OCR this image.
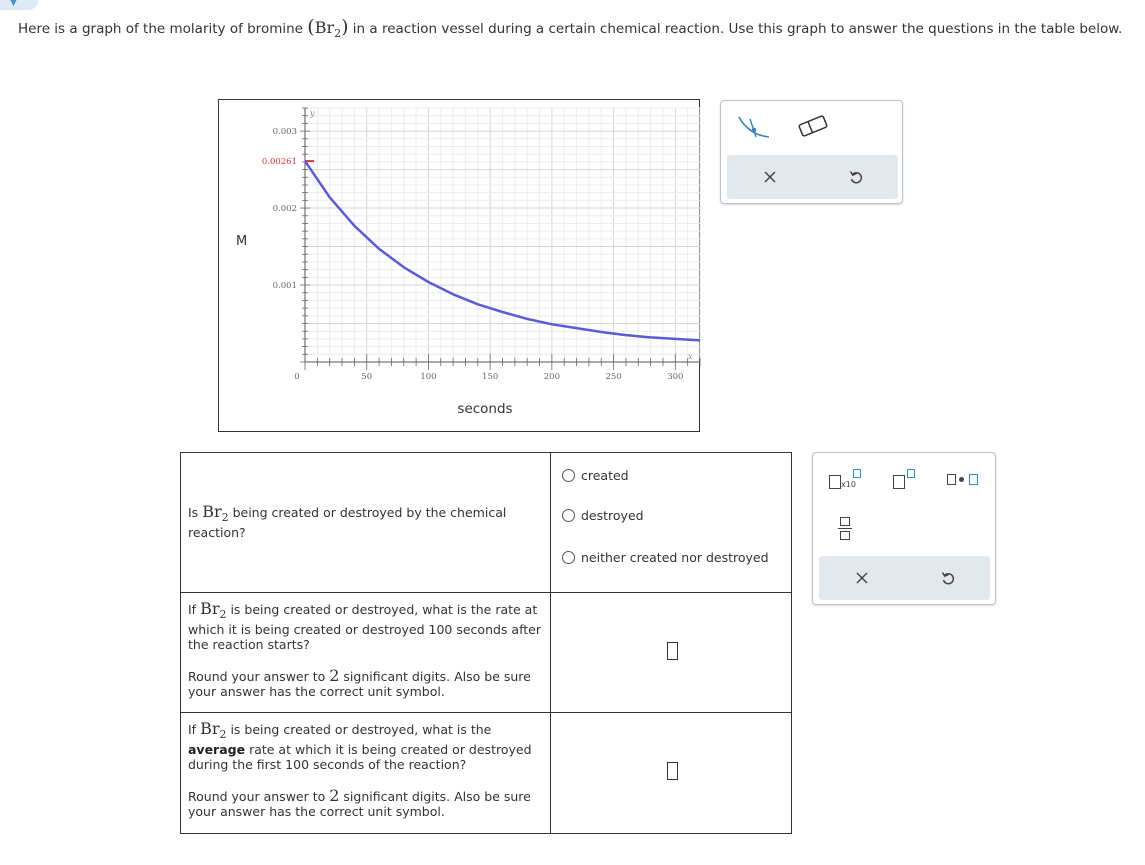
▼
Here is a graph of the molarity of bromine $(Br_2)$ in a reaction vessel during a certain chemical reaction. Use this graph to answer the questions in the table below.
0	50	100	150	200	250	300
0.001
0.002
0.003
0.00261
y
x
M
seconds
Is $Br_2$ being created or destroyed by the chemical reaction?
created
destroyed
neither created nor destroyed
If $Br_2$ is being created or destroyed, what is the rate at which it is being created or destroyed 100 seconds after the reaction starts?
Round your answer to 2 significant digits. Also be sure your answer has the correct unit symbol.
If $Br_2$ is being created or destroyed, what is the average rate at which it is being created or destroyed during the first 100 seconds of the reaction?
Round your answer to 2 significant digits. Also be sure your answer has the correct unit symbol.
x10
